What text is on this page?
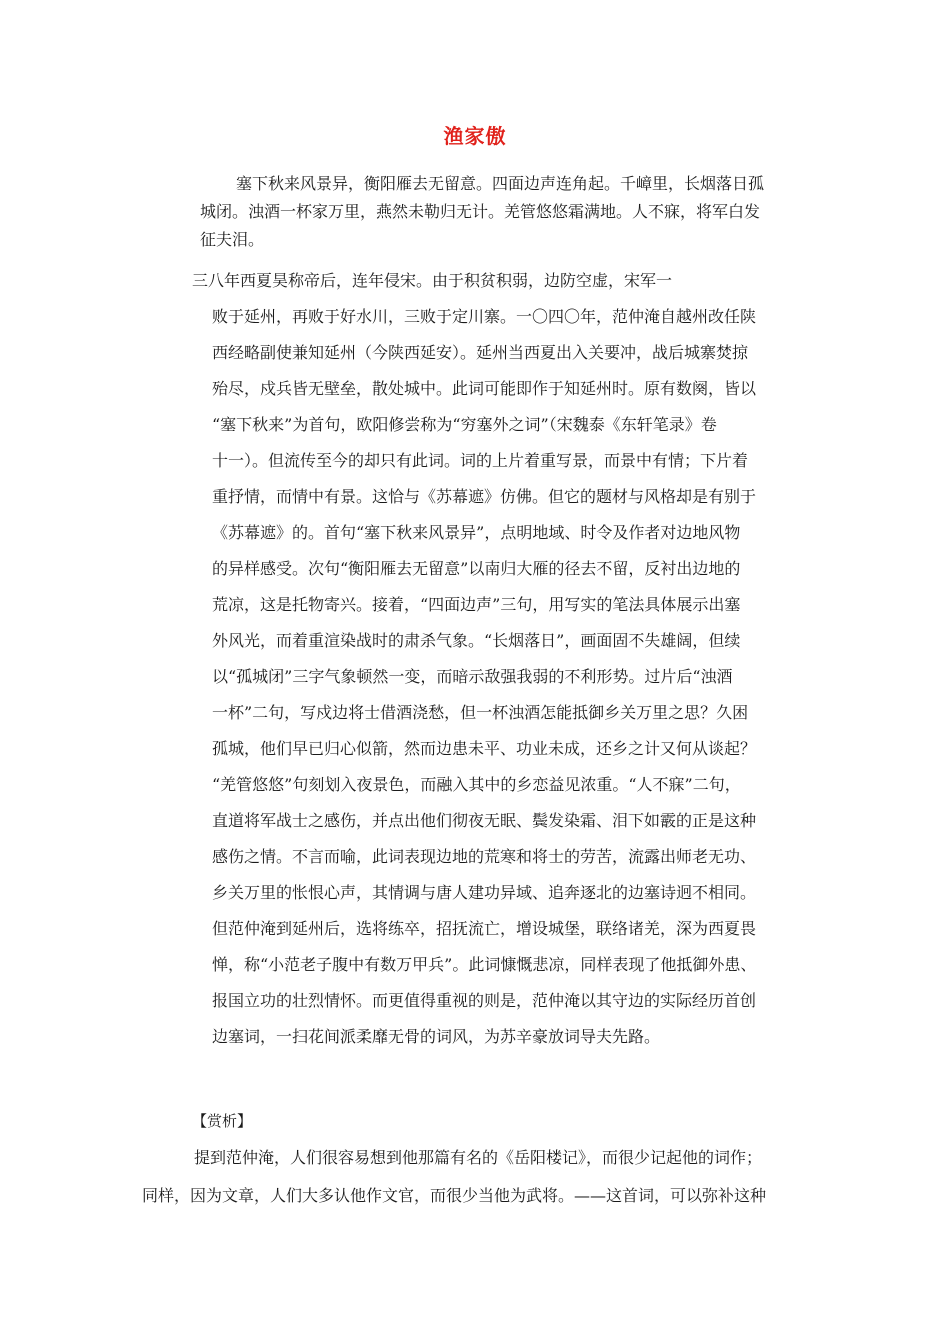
渔家傲
塞下秋来风景异，衡阳雁去无留意。四面边声连角起。千嶂里，长烟落日孤
城闭。浊酒一杯家万里，燕然未勒归无计。羌管悠悠霜满地。人不寐，将军白发
征夫泪。
三八年西夏昊称帝后，连年侵宋。由于积贫积弱，边防空虚，宋军一
败于延州，再败于好水川，三败于定川寨。一〇四〇年，范仲淹自越州改任陕
西经略副使兼知延州（今陕西延安）。延州当西夏出入关要冲，战后城寨焚掠
殆尽，戍兵皆无壁垒，散处城中。此词可能即作于知延州时。原有数阕，皆以
“塞下秋来”为首句，欧阳修尝称为“穷塞外之词”（宋魏泰《东轩笔录》卷
十一）。但流传至今的却只有此词。词的上片着重写景，而景中有情；下片着
重抒情，而情中有景。这恰与《苏幕遮》仿佛。但它的题材与风格却是有别于
《苏幕遮》的。首句“塞下秋来风景异”，点明地域、时令及作者对边地风物
的异样感受。次句“衡阳雁去无留意”以南归大雁的径去不留，反衬出边地的
荒凉，这是托物寄兴。接着，“四面边声”三句，用写实的笔法具体展示出塞
外风光，而着重渲染战时的肃杀气象。“长烟落日”，画面固不失雄阔，但续
以“孤城闭”三字气象顿然一变，而暗示敌强我弱的不利形势。过片后“浊酒
一杯”二句，写戍边将士借酒浇愁，但一杯浊酒怎能抵御乡关万里之思？久困
孤城，他们早已归心似箭，然而边患未平、功业未成，还乡之计又何从谈起？
“羌管悠悠”句刻划入夜景色，而融入其中的乡恋益见浓重。“人不寐”二句，
直道将军战士之感伤，并点出他们彻夜无眠、鬓发染霜、泪下如霰的正是这种
感伤之情。不言而喻，此词表现边地的荒寒和将士的劳苦，流露出师老无功、
乡关万里的怅恨心声，其情调与唐人建功异域、追奔逐北的边塞诗迥不相同。
但范仲淹到延州后，选将练卒，招抚流亡，增设城堡，联络诸羌，深为西夏畏
惮，称“小范老子腹中有数万甲兵”。此词慷慨悲凉，同样表现了他抵御外患、
报国立功的壮烈情怀。而更值得重视的则是，范仲淹以其守边的实际经历首创
边塞词，一扫花间派柔靡无骨的词风，为苏辛豪放词导夫先路。
【赏析】
提到范仲淹，人们很容易想到他那篇有名的《岳阳楼记》，而很少记起他的词作；
同样，因为文章，人们大多认他作文官，而很少当他为武将。——这首词，可以弥补这种
